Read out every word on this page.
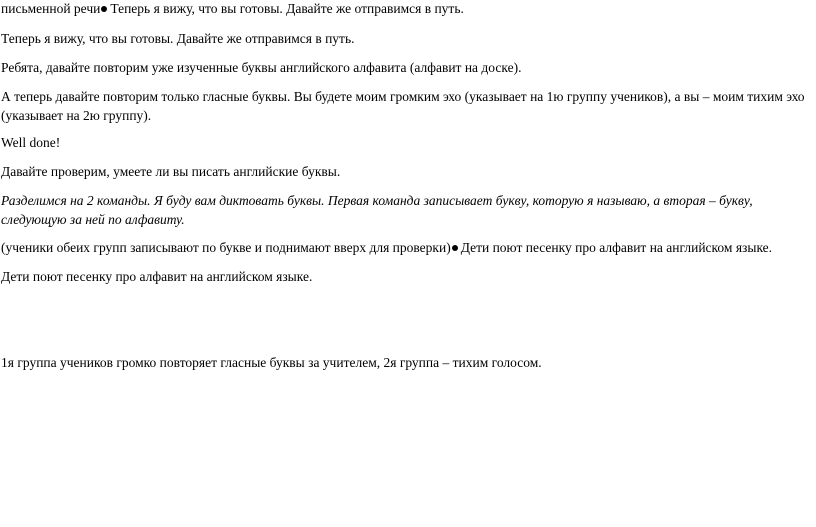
письменной речи Теперь я вижу, что вы готовы. Давайте же отправимся в путь.

Теперь я вижу, что вы готовы. Давайте же отправимся в путь.

Ребята, давайте повторим уже изученные буквы английского алфавита (алфавит на доске).

А теперь давайте повторим только гласные буквы. Вы будете моим громким эхо (указывает на 1ю группу учеников), а вы – моим тихим эхо (указывает на 2ю группу).

Well done!

Давайте проверим, умеете ли вы писать английские буквы.

Разделимся на 2 команды. Я буду вам диктовать буквы. Первая команда записывает букву, которую я называю, а вторая – букву, следующую за ней по алфавиту.

(ученики обеих групп записывают по букве и поднимают вверх для проверки) Дети поют песенку про алфавит на английском языке.

Дети поют песенку про алфавит на английском языке.

1я группа учеников громко повторяет гласные буквы за учителем, 2я группа – тихим голосом.
